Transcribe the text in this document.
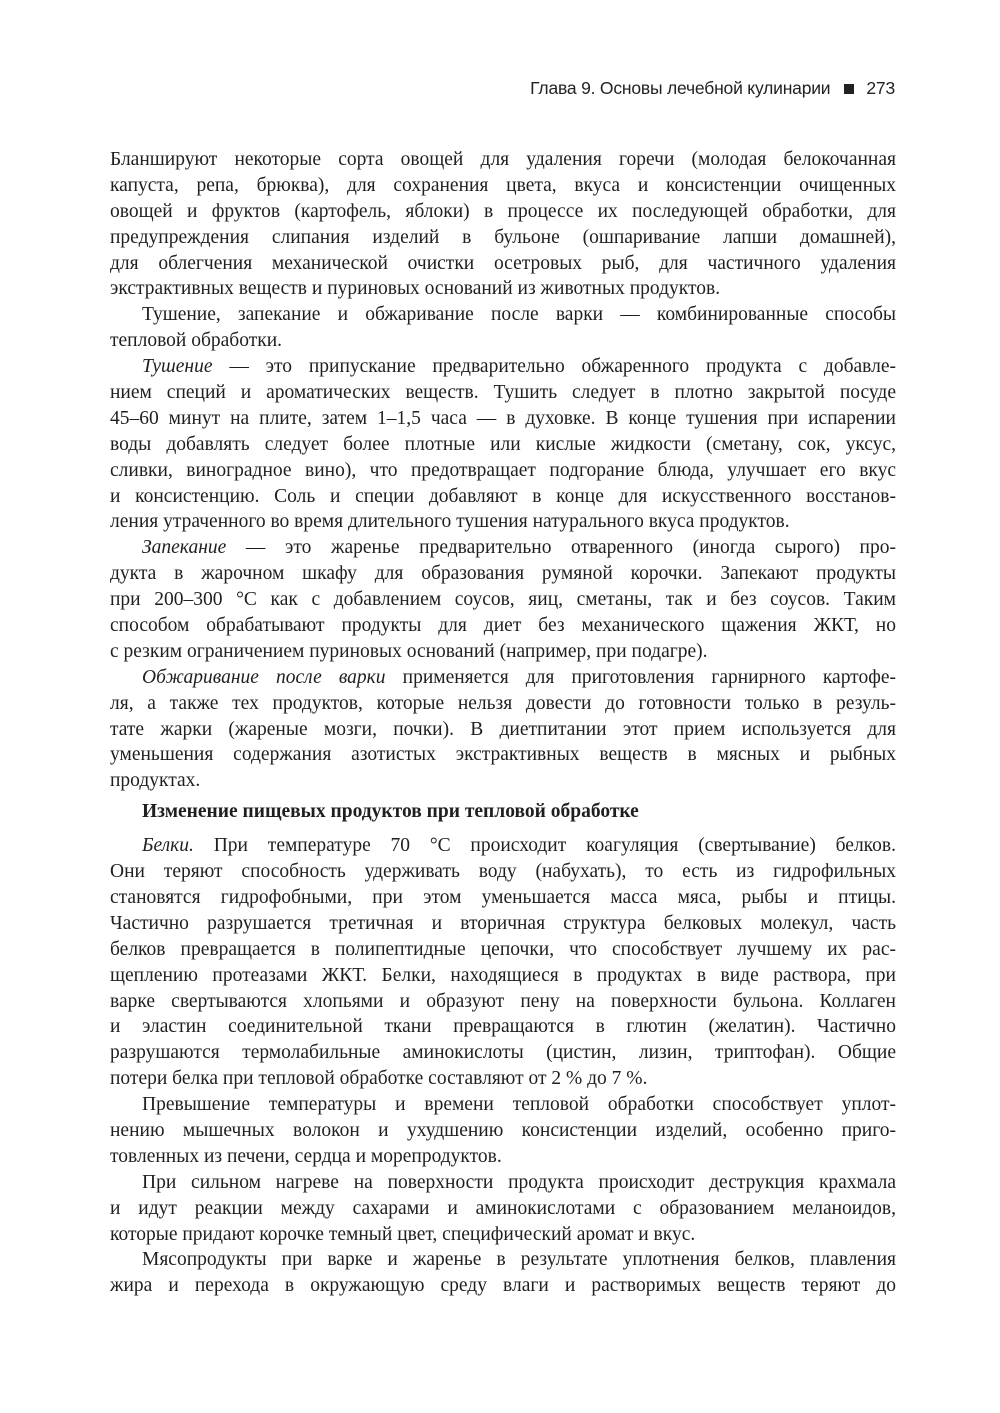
Глава 9. Основы лечебной кулинарии 273
Бланшируют некоторые сорта овощей для удаления горечи (молодая белокочанная
капуста, репа, брюква), для сохранения цвета, вкуса и консистенции очищенных
овощей и фруктов (картофель, яблоки) в процессе их последующей обработки, для
предупреждения слипания изделий в бульоне (ошпаривание лапши домашней),
для облегчения механической очистки осетровых рыб, для частичного удаления
экстрактивных веществ и пуриновых оснований из животных продуктов.
Тушение, запекание и обжаривание после варки — комбинированные способы
тепловой обработки.
Тушение — это припускание предварительно обжаренного продукта с добавле-
нием специй и ароматических веществ. Тушить следует в плотно закрытой посуде
45–60 минут на плите, затем 1–1,5 часа — в духовке. В конце тушения при испарении
воды добавлять следует более плотные или кислые жидкости (сметану, сок, уксус,
сливки, виноградное вино), что предотвращает подгорание блюда, улучшает его вкус
и консистенцию. Соль и специи добавляют в конце для искусственного восстанов-
ления утраченного во время длительного тушения натурального вкуса продуктов.
Запекание — это жаренье предварительно отваренного (иногда сырого) про-
дукта в жарочном шкафу для образования румяной корочки. Запекают продукты
при 200–300 °С как с добавлением соусов, яиц, сметаны, так и без соусов. Таким
способом обрабатывают продукты для диет без механического щажения ЖКТ, но
с резким ограничением пуриновых оснований (например, при подагре).
Обжаривание после варки применяется для приготовления гарнирного картофе-
ля, а также тех продуктов, которые нельзя довести до готовности только в резуль-
тате жарки (жареные мозги, почки). В диетпитании этот прием используется для
уменьшения содержания азотистых экстрактивных веществ в мясных и рыбных
продуктах.
Изменение пищевых продуктов при тепловой обработке
Белки. При температуре 70 °С происходит коагуляция (свертывание) белков.
Они теряют способность удерживать воду (набухать), то есть из гидрофильных
становятся гидрофобными, при этом уменьшается масса мяса, рыбы и птицы.
Частично разрушается третичная и вторичная структура белковых молекул, часть
белков превращается в полипептидные цепочки, что способствует лучшему их рас-
щеплению протеазами ЖКТ. Белки, находящиеся в продуктах в виде раствора, при
варке свертываются хлопьями и образуют пену на поверхности бульона. Коллаген
и эластин соединительной ткани превращаются в глютин (желатин). Частично
разрушаются термолабильные аминокислоты (цистин, лизин, триптофан). Общие
потери белка при тепловой обработке составляют от 2 % до 7 %.
Превышение температуры и времени тепловой обработки способствует уплот-
нению мышечных волокон и ухудшению консистенции изделий, особенно приго-
товленных из печени, сердца и морепродуктов.
При сильном нагреве на поверхности продукта происходит деструкция крахмала
и идут реакции между сахарами и аминокислотами с образованием меланоидов,
которые придают корочке темный цвет, специфический аромат и вкус.
Мясопродукты при варке и жаренье в результате уплотнения белков, плавления
жира и перехода в окружающую среду влаги и растворимых веществ теряют до
